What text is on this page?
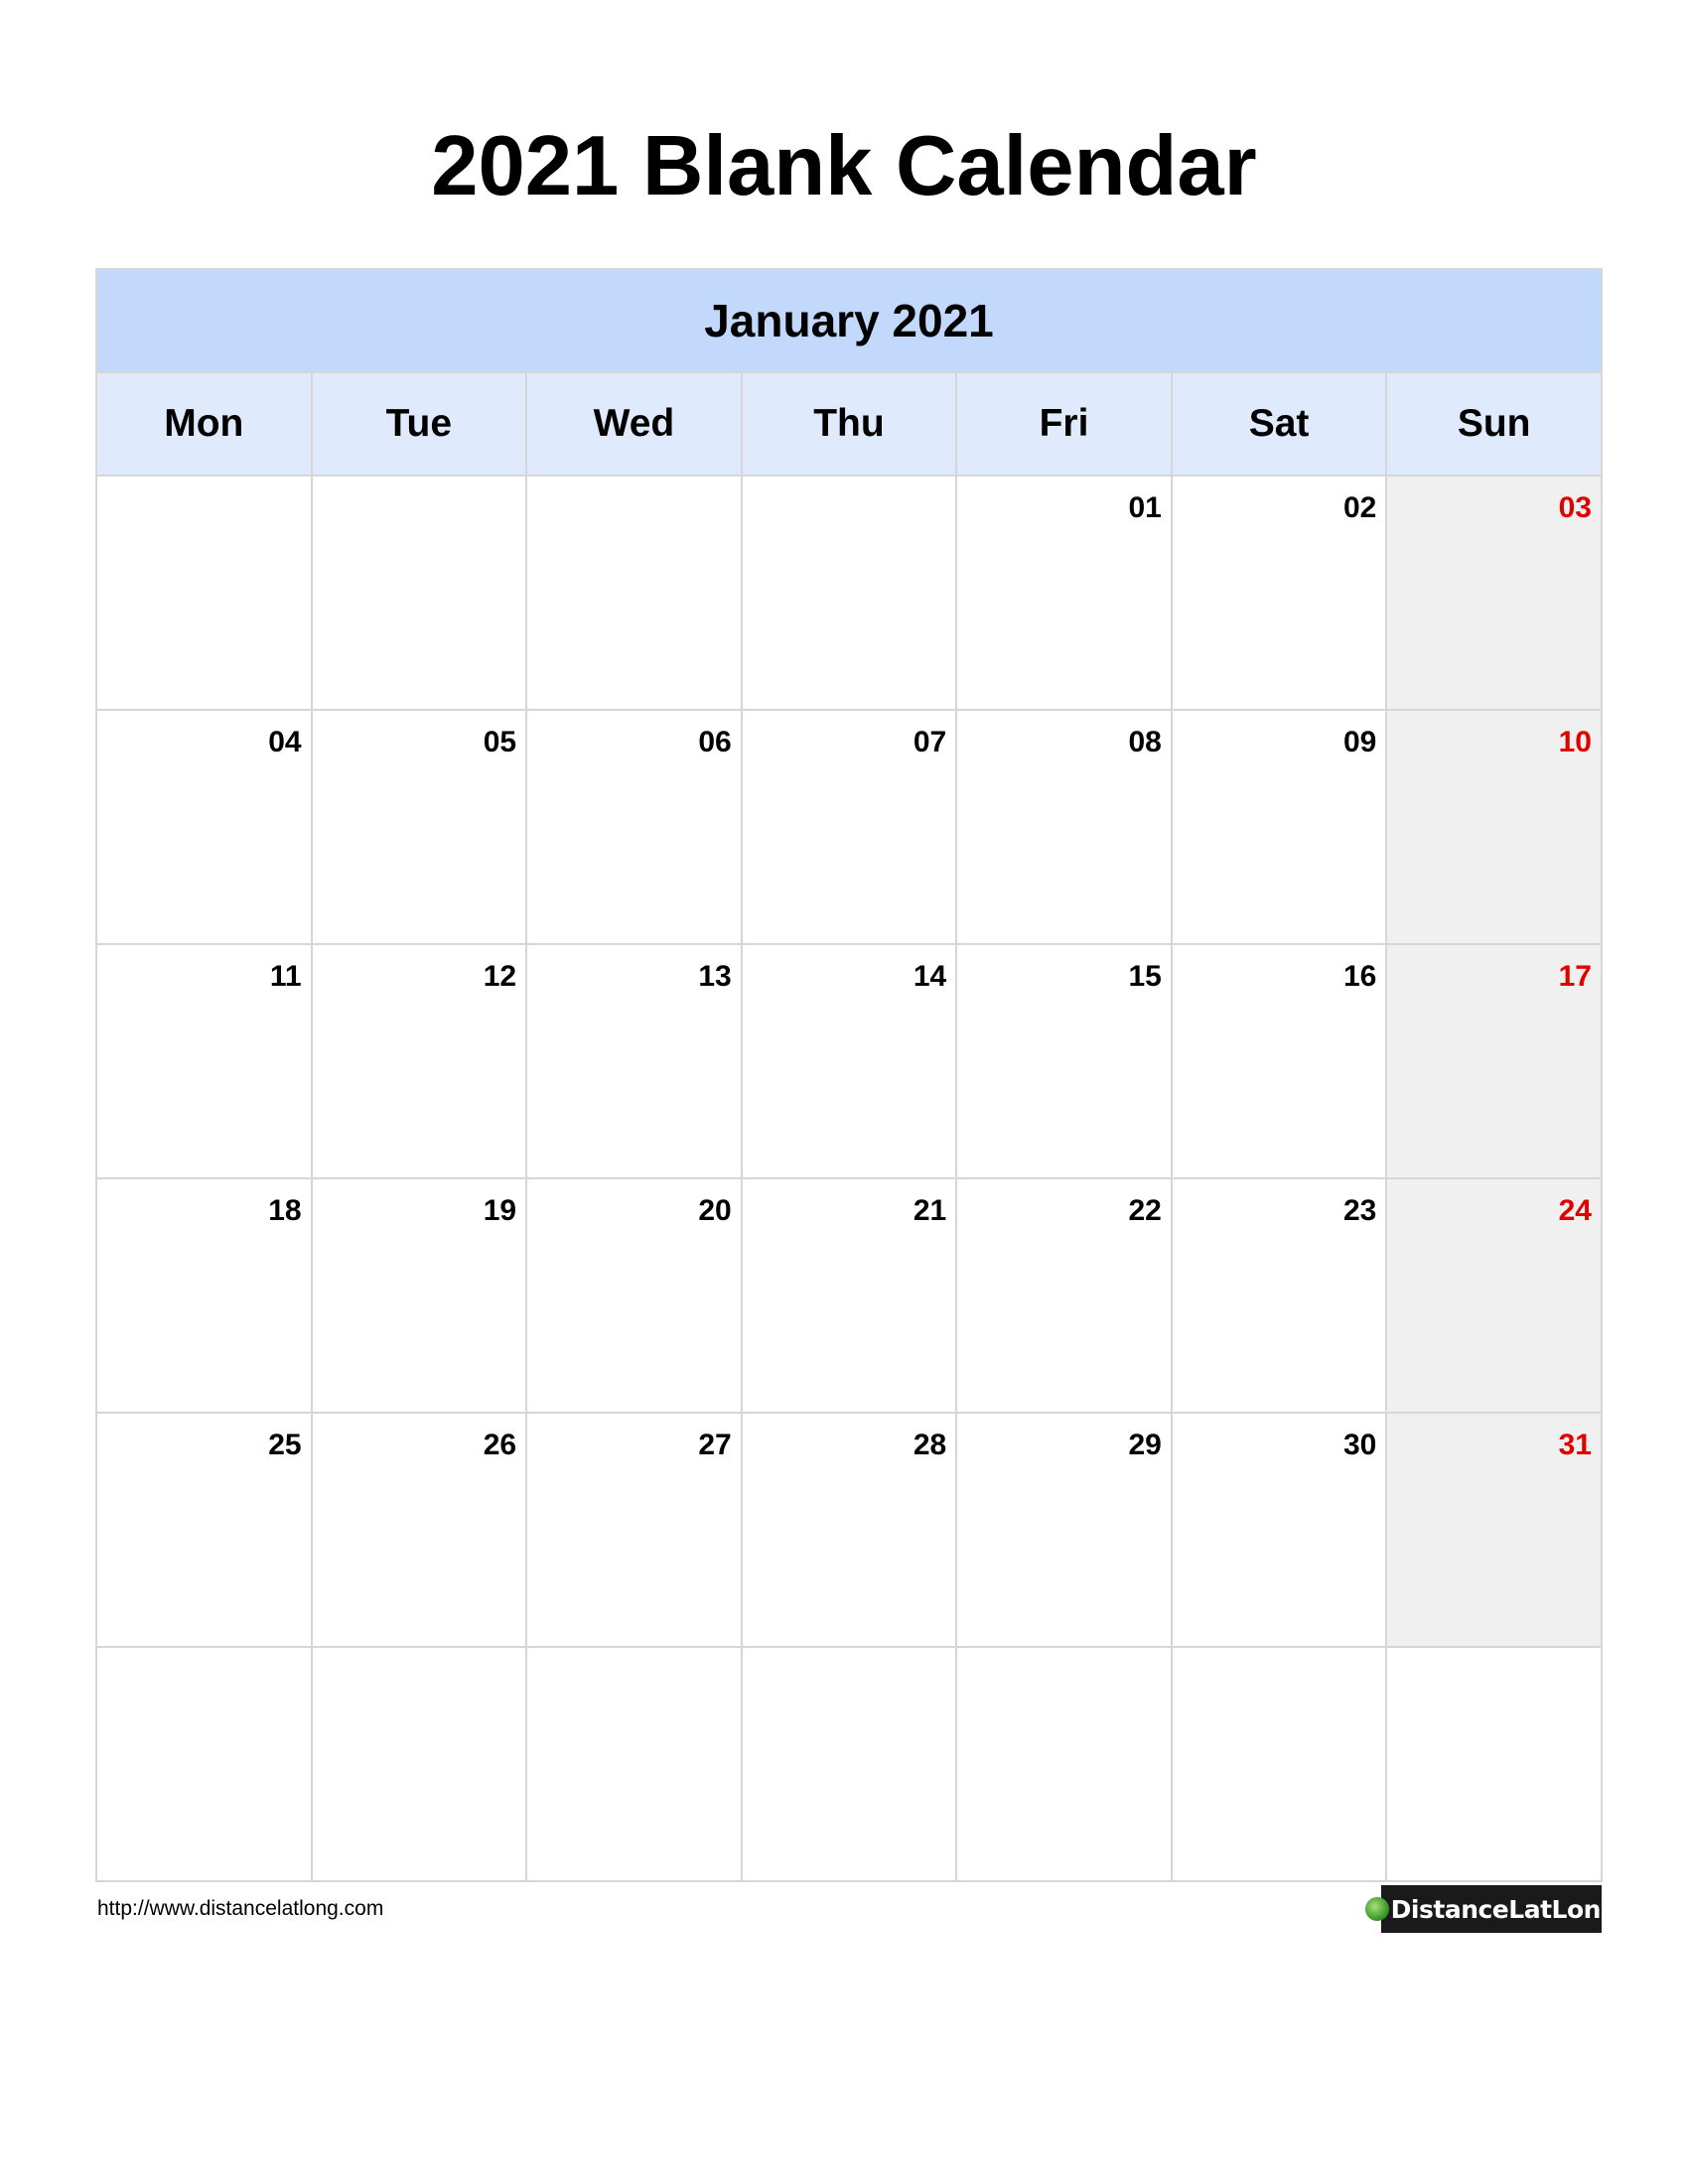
2021 Blank Calendar
January 2021						
Mon	Tue	Wed	Thu	Fri	Sat	Sun

				01	02	03

04	05	06	07	08	09	10

11	12	13	14	15	16	17

18	19	20	21	22	23	24

25	26	27	28	29	30	31

http://www.distancelatlong.com	DistanceLatLong
